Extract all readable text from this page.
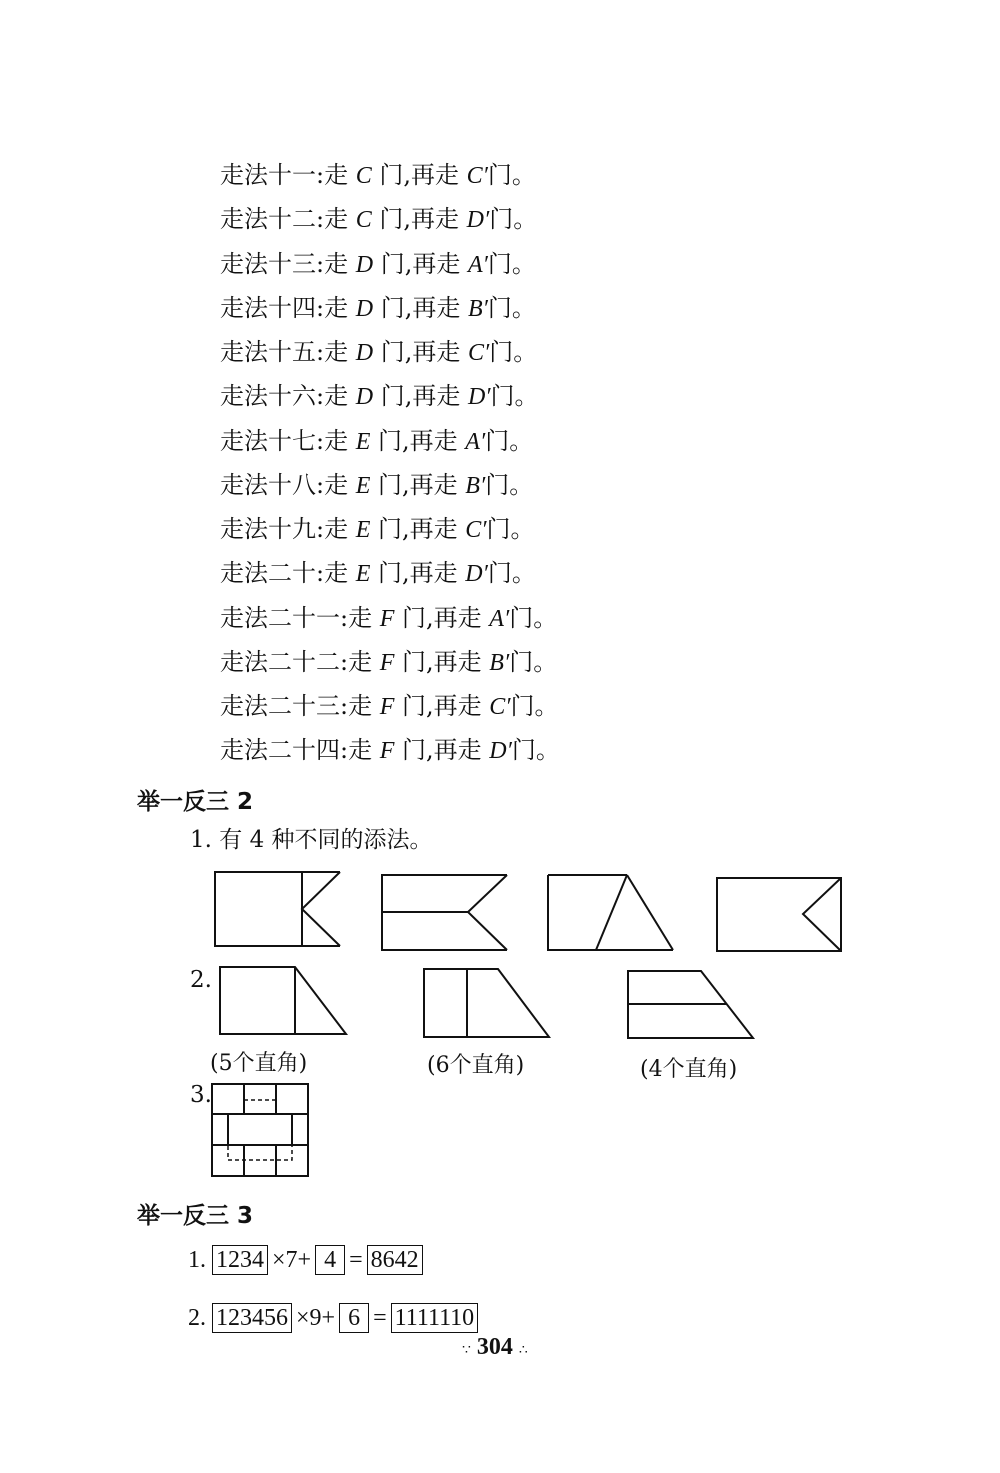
走法十一:走 C 门,再走 C′门。
走法十二:走 C 门,再走 D′门。
走法十三:走 D 门,再走 A′门。
走法十四:走 D 门,再走 B′门。
走法十五:走 D 门,再走 C′门。
走法十六:走 D 门,再走 D′门。
走法十七:走 E 门,再走 A′门。
走法十八:走 E 门,再走 B′门。
走法十九:走 E 门,再走 C′门。
走法二十:走 E 门,再走 D′门。
走法二十一:走 F 门,再走 A′门。
走法二十二:走 F 门,再走 B′门。
走法二十三:走 F 门,再走 C′门。
走法二十四:走 F 门,再走 D′门。
举一反三 2
1. 有 4 种不同的添法。
2.
(5个直角)	(6个直角)	(4个直角)
3.
举一反三 3
1. 1234 ×7+ 4 = 8642
2. 123456 ×9+ 6 = 1111110
∵ 304 ∴
